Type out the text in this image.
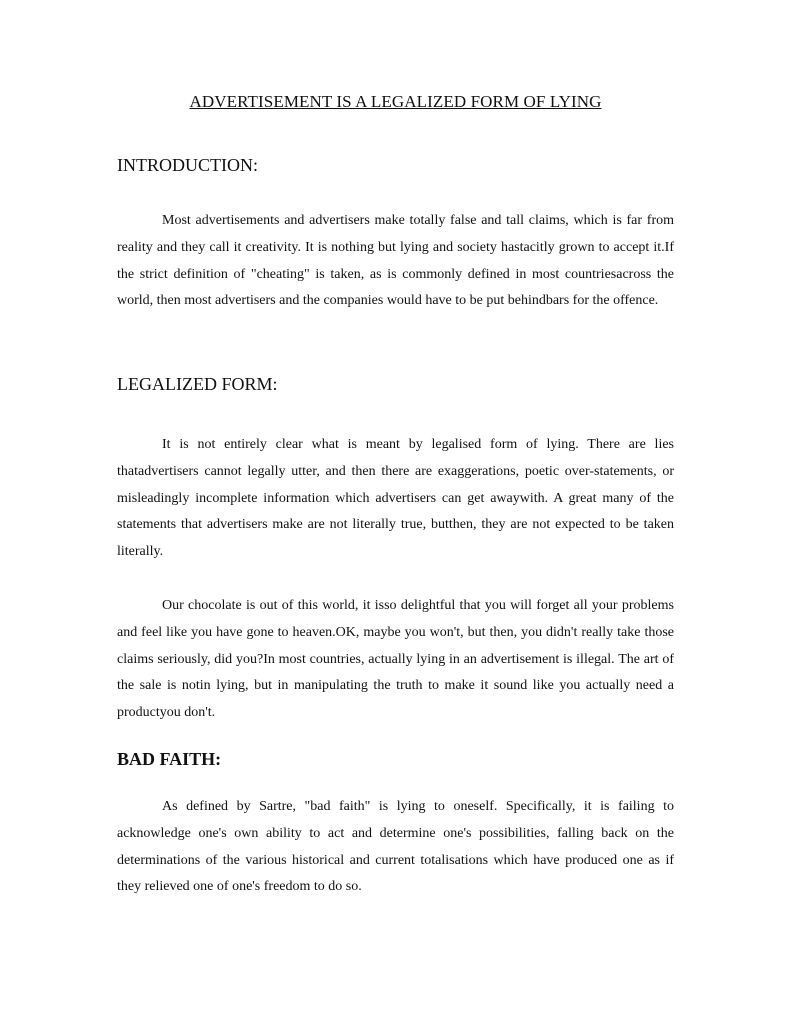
ADVERTISEMENT IS A LEGALIZED FORM OF LYING
INTRODUCTION:

Most advertisements and advertisers make totally false and tall claims, which is far from reality and they call it creativity. It is nothing but lying and society hastacitly grown to accept it.If the strict definition of "cheating" is taken, as is commonly defined in most countriesacross the world, then most advertisers and the companies would have to be put behindbars for the offence.

LEGALIZED FORM:

It is not entirely clear what is meant by legalised form of lying. There are lies thatadvertisers cannot legally utter, and then there are exaggerations, poetic over-statements, or misleadingly incomplete information which advertisers can get awaywith. A great many of the statements that advertisers make are not literally true, butthen, they are not expected to be taken literally.

Our chocolate is out of this world, it isso delightful that you will forget all your problems and feel like you have gone to heaven.OK, maybe you won't, but then, you didn't really take those claims seriously, did you?In most countries, actually lying in an advertisement is illegal. The art of the sale is notin lying, but in manipulating the truth to make it sound like you actually need a productyou don't.

BAD FAITH:

As defined by Sartre, "bad faith" is lying to oneself. Specifically, it is failing to acknowledge one's own ability to act and determine one's possibilities, falling back on the determinations of the various historical and current totalisations which have produced one as if they relieved one of one's freedom to do so.
